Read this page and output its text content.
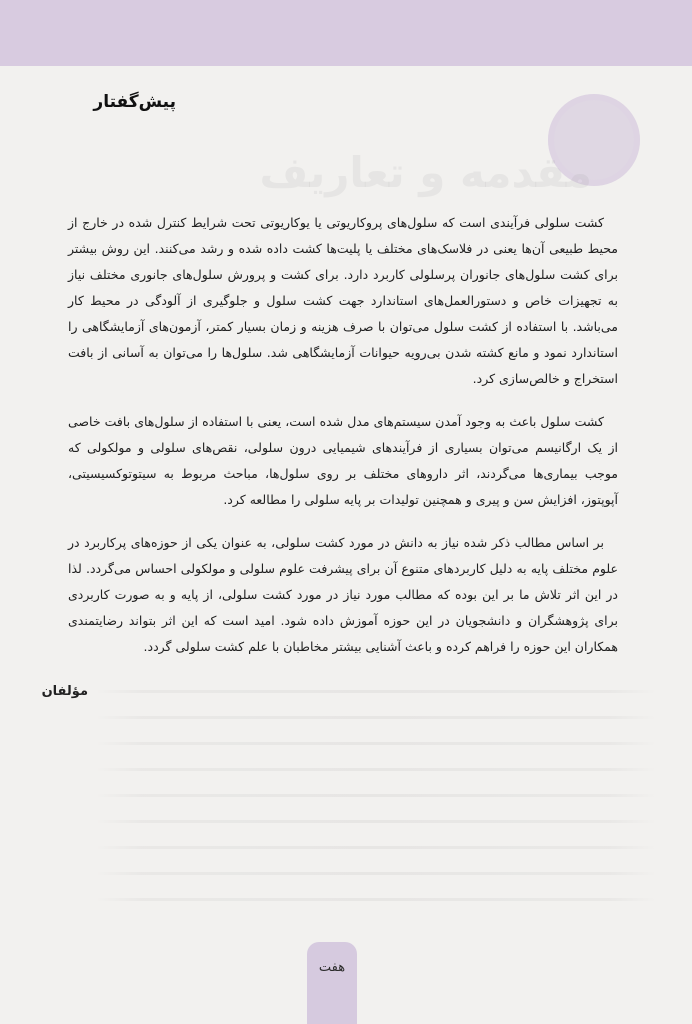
مقدمه و تعاریف
پیش‌گفتار

کشت سلولی فرآیندی است که سلول‌های پروکاریوتی یا یوکاریوتی تحت شرایط کنترل شده در خارج از محیط طبیعی آن‌ها یعنی در فلاسک‌های مختلف یا پلیت‌ها کشت داده شده و رشد می‌کنند. این روش بیشتر برای کشت سلول‌های جانوران پرسلولی کاربرد دارد. برای کشت و پرورش سلول‌های جانوری مختلف نیاز به تجهیزات خاص و دستورالعمل‌های استاندارد جهت کشت سلول و جلوگیری از آلودگی در محیط کار می‌باشد. با استفاده از کشت سلول می‌توان با صرف هزینه و زمان بسیار کمتر، آزمون‌های آزمایشگاهی را استاندارد نمود و مانع کشته شدن بی‌رویه حیوانات آزمایشگاهی شد. سلول‌ها را می‌توان به آسانی از بافت استخراج و خالص‌سازی کرد.

کشت سلول باعث به وجود آمدن سیستم‌های مدل شده است، یعنی با استفاده از سلول‌های بافت خاصی از یک ارگانیسم می‌توان بسیاری از فرآیندهای شیمیایی درون سلولی، نقص‌های سلولی و مولکولی که موجب بیماری‌ها می‌گردند، اثر داروهای مختلف بر روی سلول‌ها، مباحث مربوط به سیتوتوکسیسیتی، آپوپتوز، افزایش سن و پیری و همچنین تولیدات بر پایه سلولی را مطالعه کرد.

بر اساس مطالب ذکر شده نیاز به دانش در مورد کشت سلولی، به عنوان یکی از حوزه‌های پرکاربرد در علوم مختلف پایه به دلیل کاربردهای متنوع آن برای پیشرفت علوم سلولی و مولکولی احساس می‌گردد. لذا در این اثر تلاش ما بر این بوده که مطالب مورد نیاز در مورد کشت سلولی، از پایه و به صورت کاربردی برای پژوهشگران و دانشجویان در این حوزه آموزش داده شود. امید است که این اثر بتواند رضایتمندی همکاران این حوزه را فراهم کرده و باعث آشنایی بیشتر مخاطبان با علم کشت سلولی گردد.

هفت
